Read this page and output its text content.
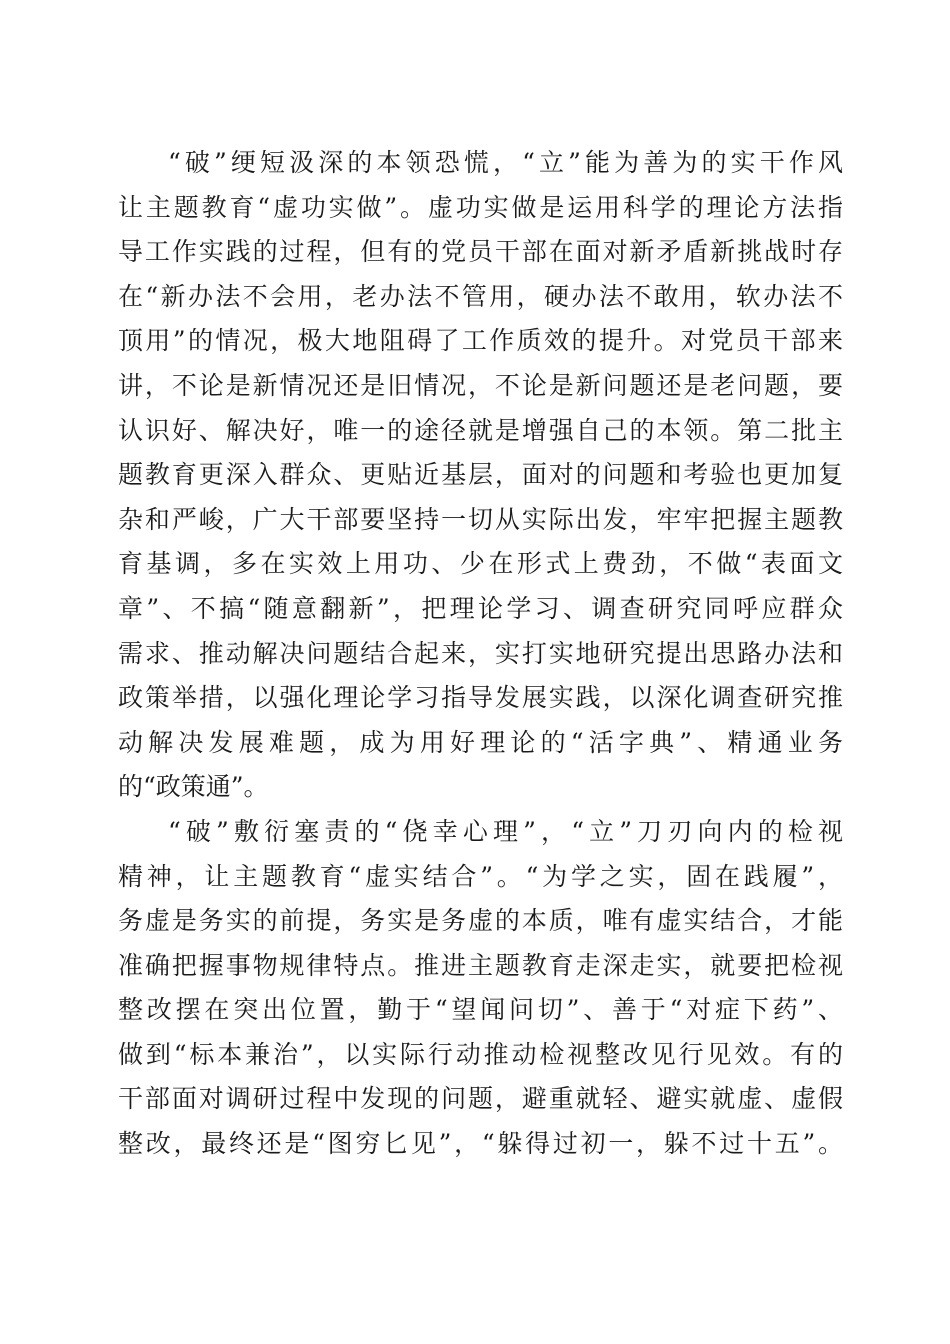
“破”绠短汲深的本领恐慌，“立”能为善为的实干作风
让主题教育“虚功实做”。虚功实做是运用科学的理论方法指
导工作实践的过程，但有的党员干部在面对新矛盾新挑战时存
在“新办法不会用，老办法不管用，硬办法不敢用，软办法不
顶用”的情况，极大地阻碍了工作质效的提升。对党员干部来
讲，不论是新情况还是旧情况，不论是新问题还是老问题，要
认识好、解决好，唯一的途径就是增强自己的本领。第二批主
题教育更深入群众、更贴近基层，面对的问题和考验也更加复
杂和严峻，广大干部要坚持一切从实际出发，牢牢把握主题教
育基调，多在实效上用功、少在形式上费劲，不做“表面文
章”、不搞“随意翻新”，把理论学习、调查研究同呼应群众
需求、推动解决问题结合起来，实打实地研究提出思路办法和
政策举措，以强化理论学习指导发展实践，以深化调查研究推
动解决发展难题，成为用好理论的“活字典”、精通业务
的“政策通”。
“破”敷衍塞责的“侥幸心理”，“立”刀刃向内的检视
精神，让主题教育“虚实结合”。“为学之实，固在践履”，
务虚是务实的前提，务实是务虚的本质，唯有虚实结合，才能
准确把握事物规律特点。推进主题教育走深走实，就要把检视
整改摆在突出位置，勤于“望闻问切”、善于“对症下药”、
做到“标本兼治”，以实际行动推动检视整改见行见效。有的
干部面对调研过程中发现的问题，避重就轻、避实就虚、虚假
整改，最终还是“图穷匕见”，“躲得过初一，躲不过十五”。
